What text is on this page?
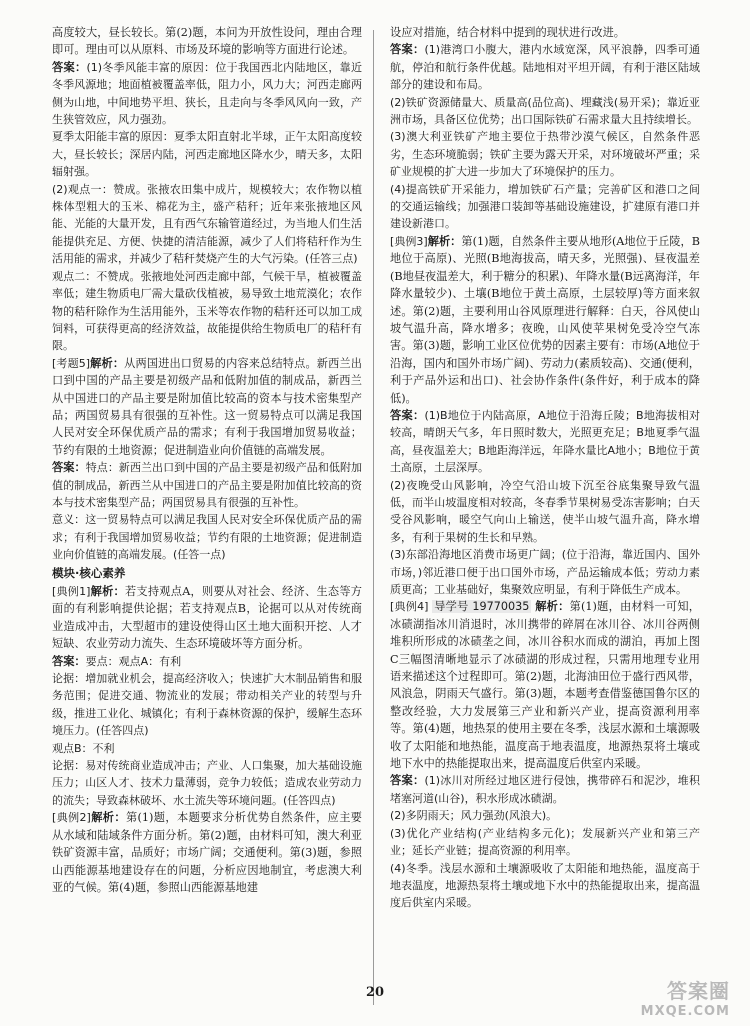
高度较大，昼长较长。第(2)题，本问为开放性设问，理由合理即可。理由可以从原料、市场及环境的影响等方面进行论述。

答案：(1)冬季风能丰富的原因：位于我国西北内陆地区，靠近冬季风源地；地面植被覆盖率低，阻力小，风力大；河西走廊两侧为山地，中间地势平坦、狭长，且走向与冬季风风向一致，产生狭管效应，风力强劲。

夏季太阳能丰富的原因：夏季太阳直射北半球，正午太阳高度较大，昼长较长；深居内陆，河西走廊地区降水少，晴天多，太阳辐射强。

(2)观点一：赞成。张掖农田集中成片，规模较大；农作物以植株体型粗大的玉米、棉花为主，盛产秸秆；近年来张掖地区风能、光能的大量开发，且有西气东输管道经过，为当地人们生活能提供充足、方便、快捷的清洁能源，减少了人们将秸秆作为生活用能的需求，并减少了秸秆焚烧产生的大气污染。(任答三点)

观点二：不赞成。张掖地处河西走廊中部，气候干旱，植被覆盖率低；建生物质电厂需大量砍伐植被，易导致土地荒漠化；农作物的秸秆除作为生活用能外，玉米等农作物的秸秆还可以加工成饲料，可获得更高的经济效益，故能提供给生物质电厂的秸秆有限。

[考题5]解析：从两国进出口贸易的内容来总结特点。新西兰出口到中国的产品主要是初级产品和低附加值的制成品，新西兰从中国进口的产品主要是附加值比较高的资本与技术密集型产品；两国贸易具有很强的互补性。这一贸易特点可以满足我国人民对安全环保优质产品的需求；有利于我国增加贸易收益；节约有限的土地资源；促进制造业向价值链的高端发展。

答案：特点：新西兰出口到中国的产品主要是初级产品和低附加值的制成品，新西兰从中国进口的产品主要是附加值比较高的资本与技术密集型产品；两国贸易具有很强的互补性。

意义：这一贸易特点可以满足我国人民对安全环保优质产品的需求；有利于我国增加贸易收益；节约有限的土地资源；促进制造业向价值链的高端发展。(任答一点)

模块·核心素养

[典例1]解析：若支持观点A，则要从对社会、经济、生态等方面的有利影响提供论据；若支持观点B，论据可以从对传统商业造成冲击，大型超市的建设使得山区土地大面积开挖、人才短缺、农业劳动力流失、生态环境破坏等方面分析。

答案：要点：观点A：有利

论据：增加就业机会，提高经济收入；快速扩大木制品销售和服务范围；促进交通、物流业的发展；带动相关产业的转型与升级，推进工业化、城镇化；有利于森林资源的保护，缓解生态环境压力。(任答四点)

观点B：不利

论据：易对传统商业造成冲击；产业、人口集聚，加大基础设施压力；山区人才、技术力量薄弱，竞争力较低；造成农业劳动力的流失；导致森林破坏、水土流失等环境问题。(任答四点)

[典例2]解析：第(1)题，本题要求分析优势自然条件，应主要从水域和陆域条件方面分析。第(2)题，由材料可知，澳大利亚铁矿资源丰富，品质好；市场广阔；交通便利。第(3)题，参照山西能源基地建设存在的问题，分析应因地制宜，考虑澳大利亚的气候。第(4)题，参照山西能源基地建

设应对措施，结合材料中提到的现状进行改进。

答案：(1)港湾口小腹大，港内水域宽深，风平浪静，四季可通航，停泊和航行条件优越。陆地相对平坦开阔，有利于港区陆域部分的建设和布局。

(2)铁矿资源储量大、质量高(品位高)、埋藏浅(易开采)；靠近亚洲市场，具备区位优势；出口国际铁矿石需求量大且持续增长。

(3)澳大利亚铁矿产地主要位于热带沙漠气候区，自然条件恶劣，生态环境脆弱；铁矿主要为露天开采，对环境破坏严重；采矿业规模的扩大进一步加大了环境保护的压力。

(4)提高铁矿开采能力，增加铁矿石产量；完善矿区和港口之间的交通运输线；加强港口装卸等基础设施建设，扩建原有港口并建设新港口。

[典例3]解析：第(1)题，自然条件主要从地形(A地位于丘陵，B地位于高原)、光照(B地海拔高，晴天多，光照强)、昼夜温差(B地昼夜温差大，利于糖分的积累)、年降水量(B远离海洋，年降水量较少)、土壤(B地位于黄土高原，土层较厚)等方面来叙述。第(2)题，主要利用山谷风原理进行解释：白天，谷风使山坡气温升高，降水增多；夜晚，山风使苹果树免受冷空气冻害。第(3)题，影响工业区位优势的因素主要有：市场(A地位于沿海，国内和国外市场广阔)、劳动力(素质较高)、交通(便利，利于产品外运和出口)、社会协作条件(条件好，利于成本的降低)。

答案：(1)B地位于内陆高原，A地位于沿海丘陵；B地海拔相对较高，晴朗天气多，年日照时数大，光照更充足；B地夏季气温高，昼夜温差大；B地距海洋远，年降水量比A地小；B地位于黄土高原，土层深厚。

(2)夜晚受山风影响，冷空气沿山坡下沉至谷底集聚导致气温低，而半山坡温度相对较高，冬春季节果树易受冻害影响；白天受谷风影响，暖空气向山上输送，使半山坡气温升高，降水增多，有利于果树的生长和早熟。

(3)东部沿海地区消费市场更广阔；(位于沿海，靠近国内、国外市场，)邻近港口便于出口国外市场，产品运输成本低；劳动力素质更高；工业基础好，集聚效应明显，有利于降低生产成本。

[典例4] 导学号 19770035 解析：第(1)题，由材料一可知，冰碛湖指冰川消退时，冰川携带的碎屑在冰川谷、冰川谷两侧堆积所形成的冰碛垄之间，冰川谷积水而成的湖泊，再加上图C三幅图清晰地显示了冰碛湖的形成过程，只需用地理专业用语来描述这个过程即可。第(2)题，北海油田位于盛行西风带，风浪急，阴雨天气盛行。第(3)题，本题考查借鉴德国鲁尔区的整改经验，大力发展第三产业和新兴产业，提高资源利用率等。第(4)题，地热泵的使用主要在冬季，浅层水源和土壤源吸收了太阳能和地热能，温度高于地表温度，地源热泵将土壤或地下水中的热能提取出来，提高温度后供室内采暖。

答案：(1)冰川对所经过地区进行侵蚀，携带碎石和泥沙，堆积堵塞河道(山谷)，积水形成冰碛湖。

(2)多阴雨天；风力强劲(风浪大)。

(3)优化产业结构(产业结构多元化)；发展新兴产业和第三产业；延长产业链；提高资源的利用率。

(4)冬季。浅层水源和土壤源吸收了太阳能和地热能，温度高于地表温度，地源热泵将土壤或地下水中的热能提取出来，提高温度后供室内采暖。

20	答案圈
MXQE.COM
